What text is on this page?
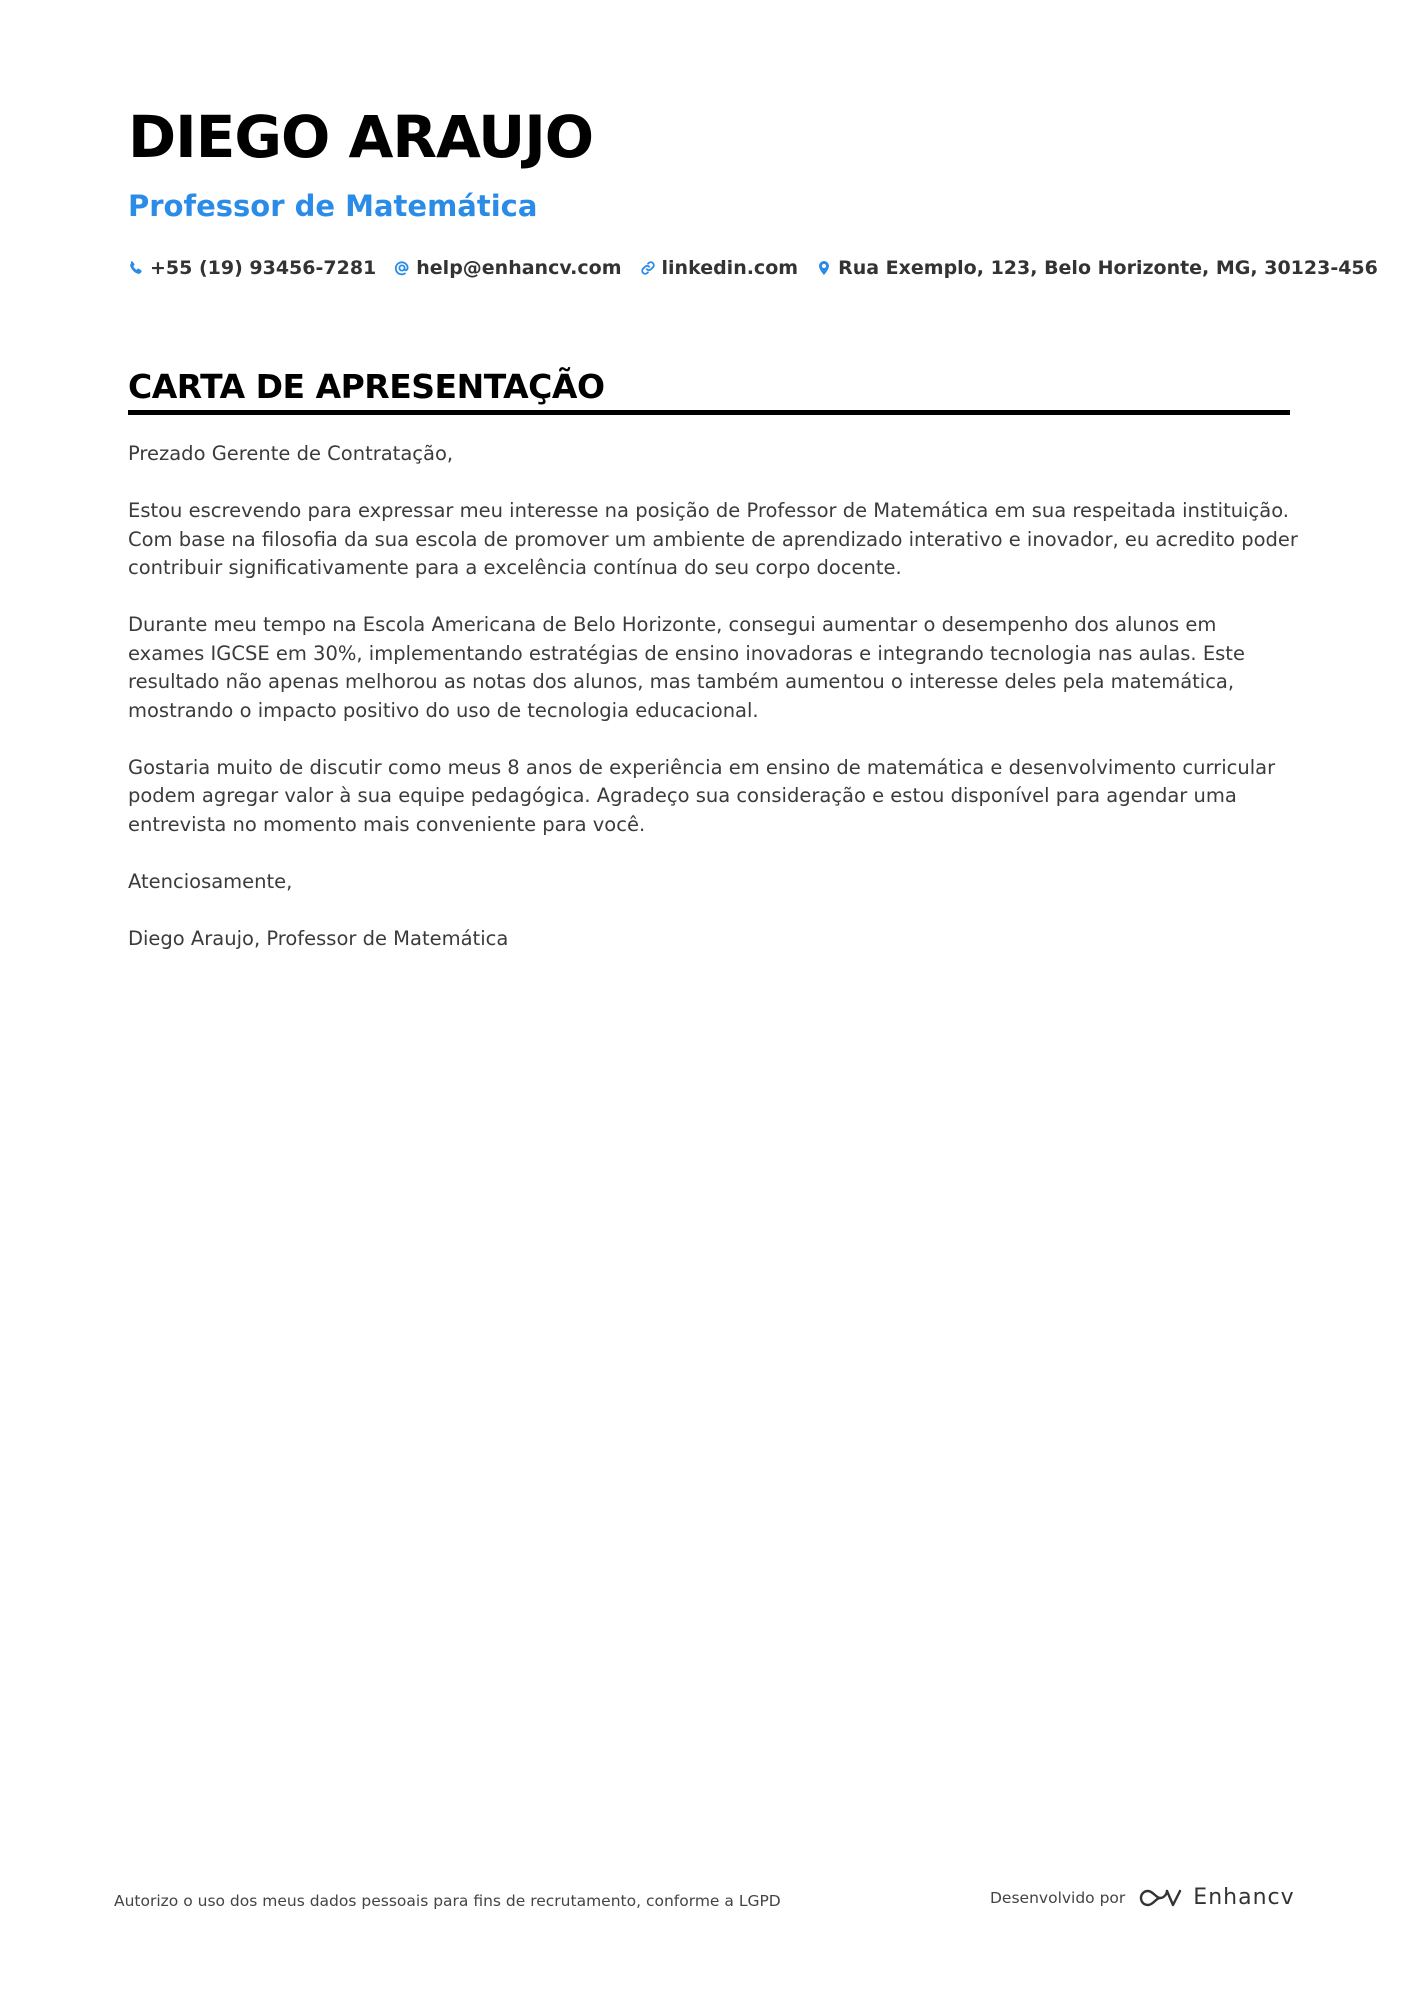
DIEGO ARAUJO
Professor de Matemática
+55 (19) 93456-7281 help@enhancv.com linkedin.com Rua Exemplo, 123, Belo Horizonte, MG, 30123-456
CARTA DE APRESENTAÇÃO

Prezado Gerente de Contratação,

Estou escrevendo para expressar meu interesse na posição de Professor de Matemática em sua respeitada instituição. Com base na filosofia da sua escola de promover um ambiente de aprendizado interativo e inovador, eu acredito poder contribuir significativamente para a excelência contínua do seu corpo docente.

Durante meu tempo na Escola Americana de Belo Horizonte, consegui aumentar o desempenho dos alunos em exames IGCSE em 30%, implementando estratégias de ensino inovadoras e integrando tecnologia nas aulas. Este resultado não apenas melhorou as notas dos alunos, mas também aumentou o interesse deles pela matemática, mostrando o impacto positivo do uso de tecnologia educacional.

Gostaria muito de discutir como meus 8 anos de experiência em ensino de matemática e desenvolvimento curricular podem agregar valor à sua equipe pedagógica. Agradeço sua consideração e estou disponível para agendar uma entrevista no momento mais conveniente para você.

Atenciosamente,

Diego Araujo, Professor de Matemática

Autorizo o uso dos meus dados pessoais para fins de recrutamento, conforme a LGPD	Desenvolvido por	Enhancv
